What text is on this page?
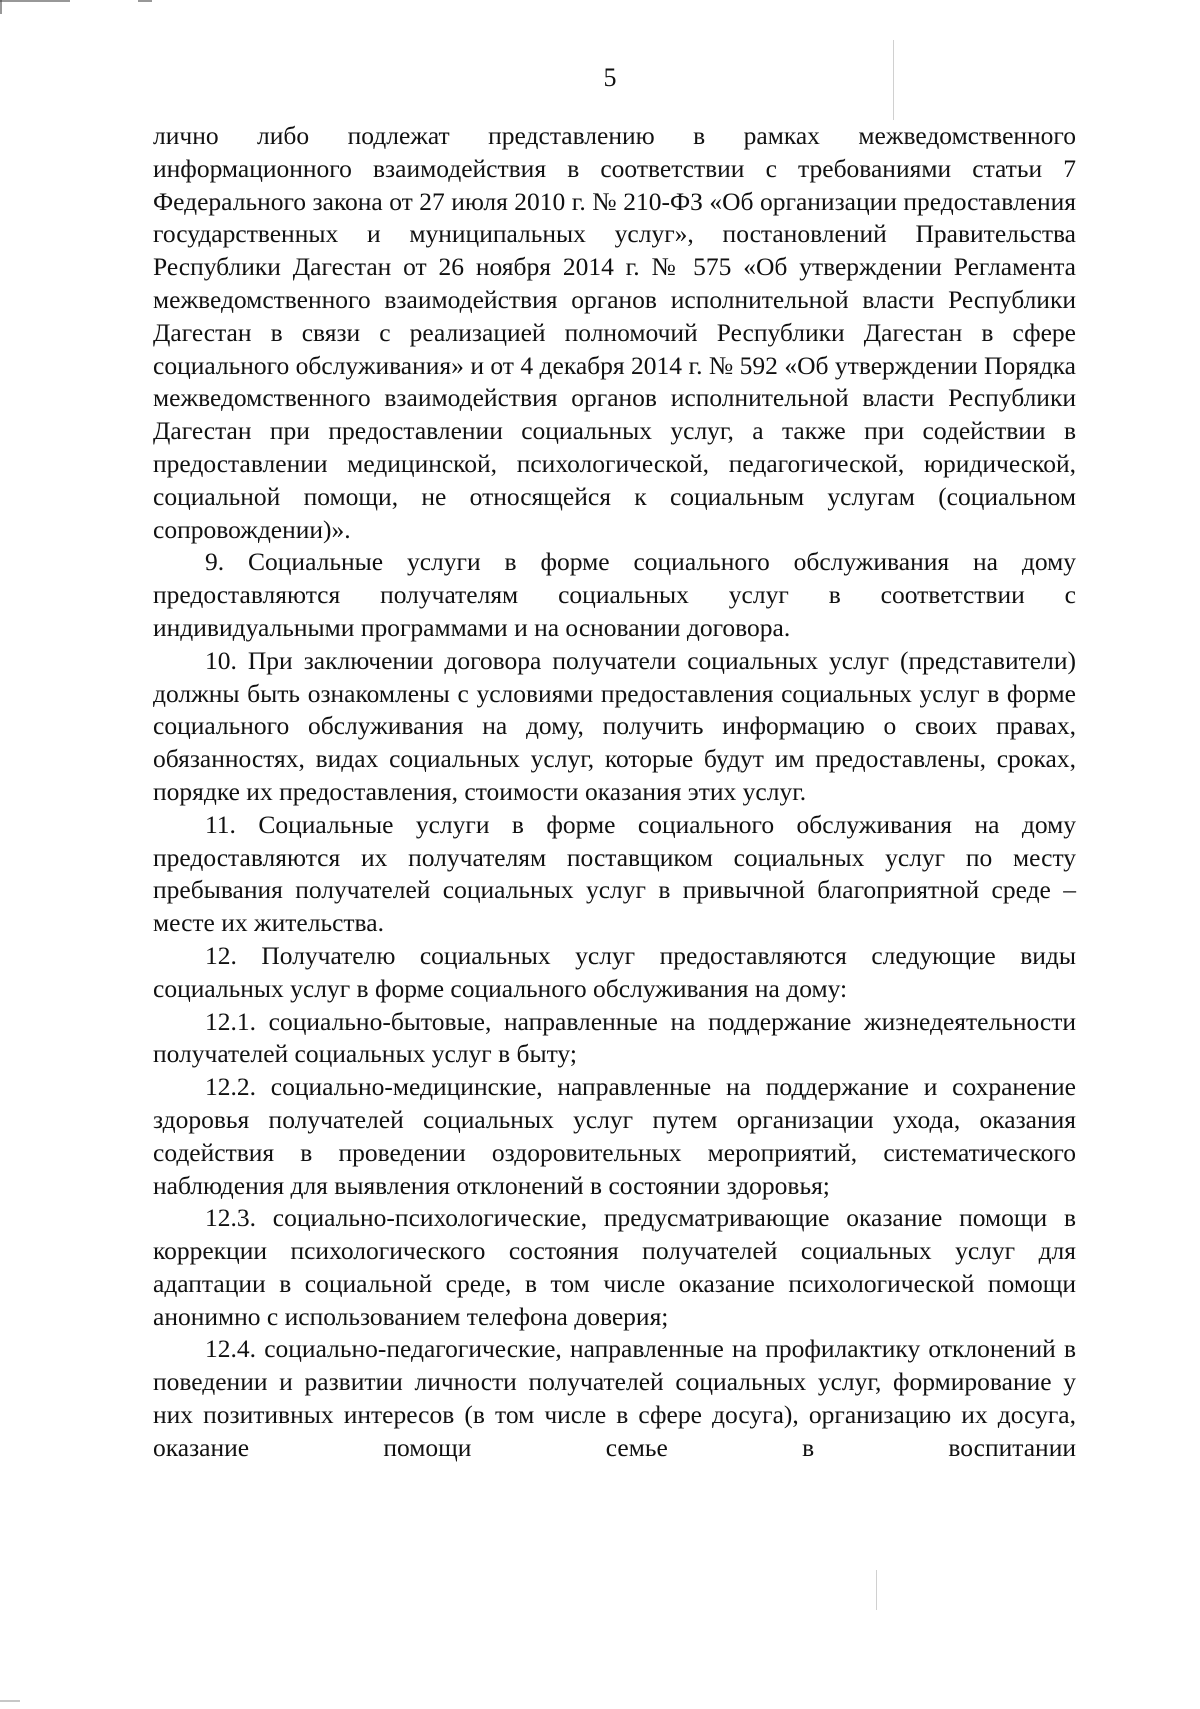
5

лично либо подлежат представлению в рамках межведомственного информационного взаимодействия в соответствии с требованиями статьи 7 Федерального закона от 27 июля 2010 г. № 210-ФЗ «Об организации предоставления государственных и муниципальных услуг», постановлений Правительства Республики Дагестан от 26 ноября 2014 г. № 575 «Об утверждении Регламента межведомственного взаимодействия органов исполнительной власти Республики Дагестан в связи с реализацией полномочий Республики Дагестан в сфере социального обслуживания» и от 4 декабря 2014 г. № 592 «Об утверждении Порядка межведомственного взаимодействия органов исполнительной власти Республики Дагестан при предоставлении социальных услуг, а также при содействии в предоставлении медицинской, психологической, педагогической, юридической, социальной помощи, не относящейся к социальным услугам (социальном сопровождении)».

9. Социальные услуги в форме социального обслуживания на дому предоставляются получателям социальных услуг в соответствии с индивидуальными программами и на основании договора.

10. При заключении договора получатели социальных услуг (представители) должны быть ознакомлены с условиями предоставления социальных услуг в форме социального обслуживания на дому, получить информацию о своих правах, обязанностях, видах социальных услуг, которые будут им предоставлены, сроках, порядке их предоставления, стоимости оказания этих услуг.

11. Социальные услуги в форме социального обслуживания на дому предоставляются их получателям поставщиком социальных услуг по месту пребывания получателей социальных услуг в привычной благоприятной среде – месте их жительства.

12. Получателю социальных услуг предоставляются следующие виды социальных услуг в форме социального обслуживания на дому:

12.1. социально-бытовые, направленные на поддержание жизнедеятельности получателей социальных услуг в быту;

12.2. социально-медицинские, направленные на поддержание и сохранение здоровья получателей социальных услуг путем организации ухода, оказания содействия в проведении оздоровительных мероприятий, систематического наблюдения для выявления отклонений в состоянии здоровья;

12.3. социально-психологические, предусматривающие оказание помощи в коррекции психологического состояния получателей социальных услуг для адаптации в социальной среде, в том числе оказание психологической помощи анонимно с использованием телефона доверия;

12.4. социально-педагогические, направленные на профилактику отклонений в поведении и развитии личности получателей социальных услуг, формирование у них позитивных интересов (в том числе в сфере досуга), организацию их досуга, оказание помощи семье в воспитании
